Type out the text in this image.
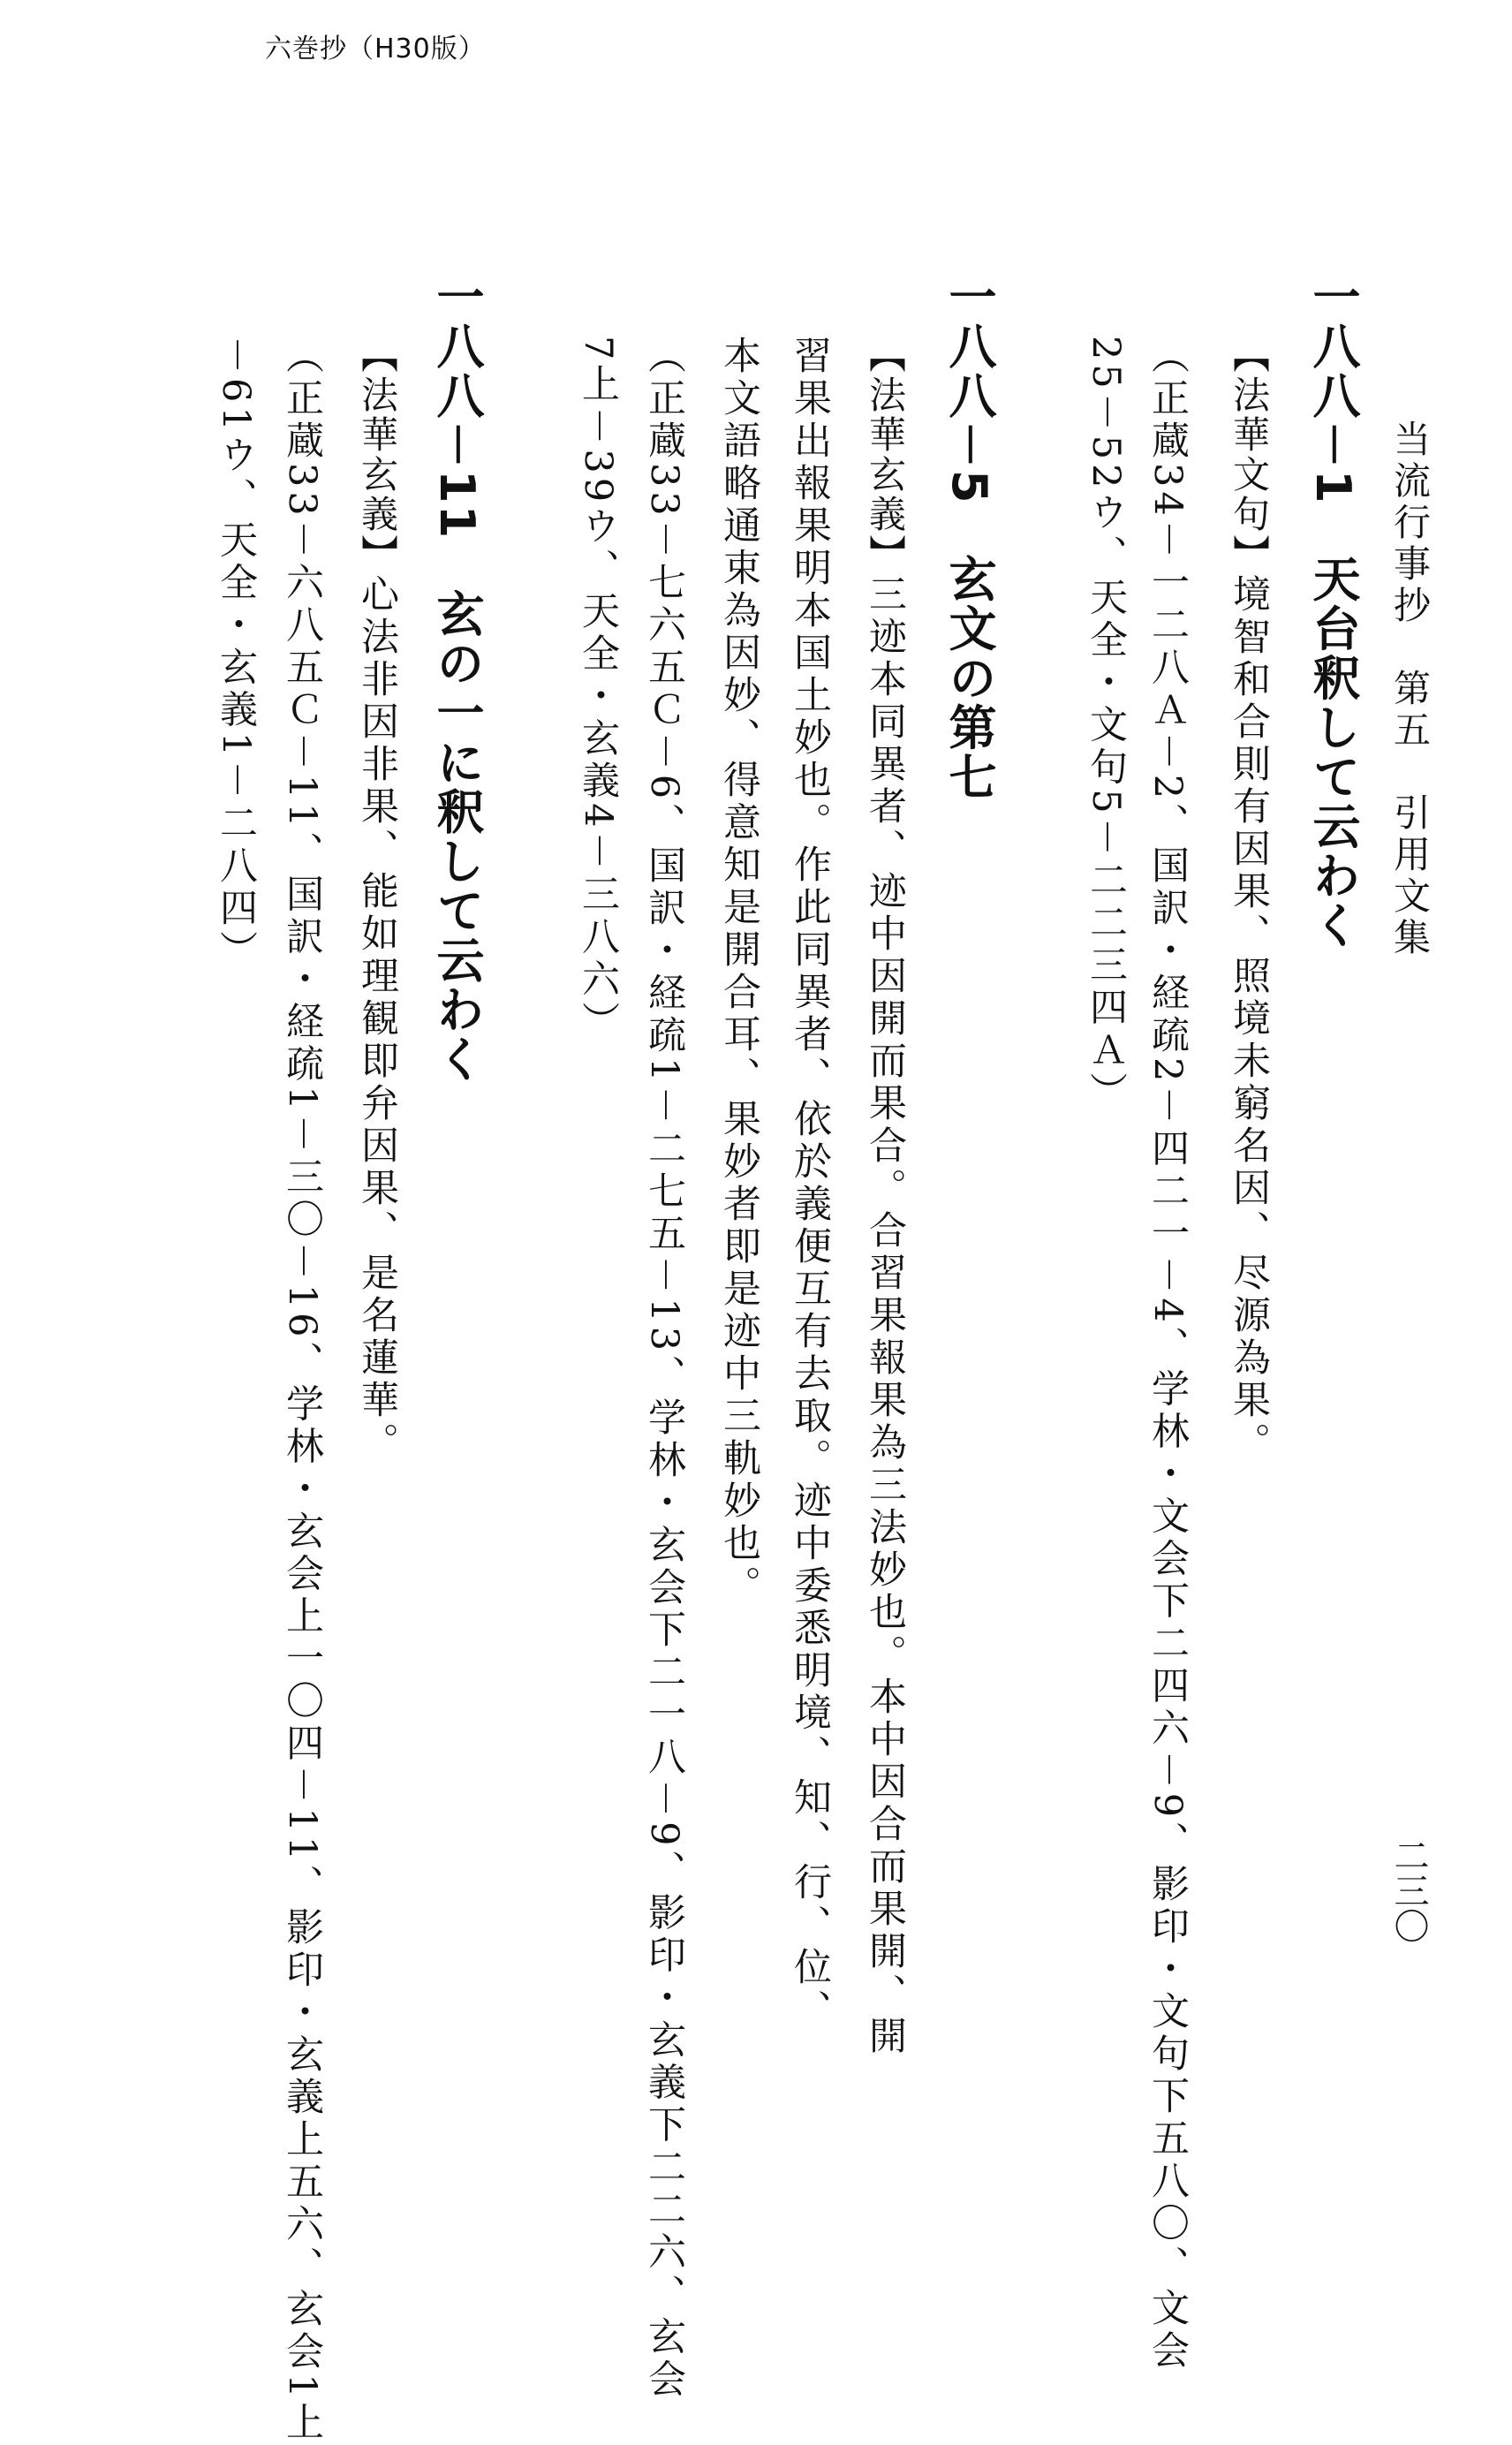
六巻抄（H30版）
当流行事抄　第五　引用文集
二三〇
一八八－1　天台釈して云わく
【法華文句】境智和合則有因果、照境未窮名因、尽源為果。
（正蔵34－一二八Ａ－2、国訳・経疏2－四二一－4、学林・文会下二四六－9、影印・文句下五八〇、文会
25－52ウ、天全・文句5－二二三四Ａ）
一八八－5　玄文の第七
【法華玄義】三迹本同異者、迹中因開而果合。合習果報果為三法妙也。本中因合而果開、開
習果出報果明本国土妙也。作此同異者、依於義便互有去取。迹中委悉明境、知、行、位、
本文語略通束為因妙、得意知是開合耳、果妙者即是迹中三軌妙也。
（正蔵33－七六五Ｃ－6、国訳・経疏1－二七五－13、学林・玄会下二一八－9、影印・玄義下二二六、玄会
7上－39ウ、天全・玄義4－三八六）
一八八－11　玄の一に釈して云わく
【法華玄義】心法非因非果、能如理観即弁因果、是名蓮華。
（正蔵33－六八五Ｃ－11、国訳・経疏1－三〇－16、学林・玄会上一〇四－11、影印・玄義上五六、玄会1上
－61ウ、天全・玄義1－二八四）
